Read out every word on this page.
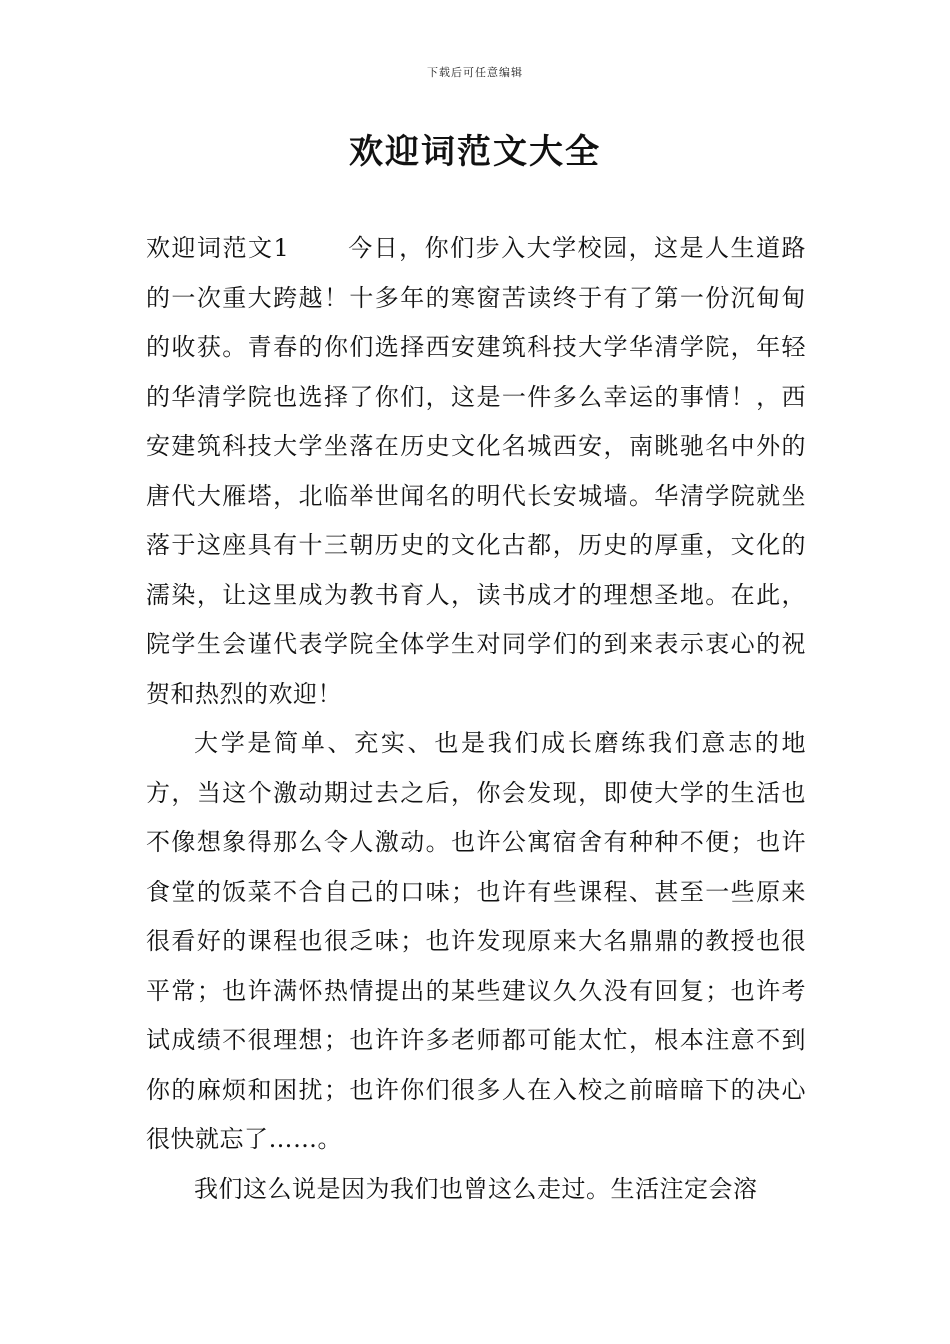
下载后可任意编辑
欢迎词范文大全

欢迎词范文1 今日，你们步入大学校园，这是人生道路的一次重大跨越！十多年的寒窗苦读终于有了第一份沉甸甸的收获。青春的你们选择西安建筑科技大学华清学院，年轻的华清学院也选择了你们，这是一件多么幸运的事情！，西安建筑科技大学坐落在历史文化名城西安，南眺驰名中外的唐代大雁塔，北临举世闻名的明代长安城墙。华清学院就坐落于这座具有十三朝历史的文化古都，历史的厚重，文化的濡染，让这里成为教书育人，读书成才的理想圣地。在此，院学生会谨代表学院全体学生对同学们的到来表示衷心的祝贺和热烈的欢迎！

大学是简单、充实、也是我们成长磨练我们意志的地方，当这个激动期过去之后，你会发现，即使大学的生活也不像想象得那么令人激动。也许公寓宿舍有种种不便；也许食堂的饭菜不合自己的口味；也许有些课程、甚至一些原来很看好的课程也很乏味；也许发现原来大名鼎鼎的教授也很平常；也许满怀热情提出的某些建议久久没有回复；也许考试成绩不很理想；也许许多老师都可能太忙，根本注意不到你的麻烦和困扰；也许你们很多人在入校之前暗暗下的决心很快就忘了……。

我们这么说是因为我们也曾这么走过。生活注定会溶
